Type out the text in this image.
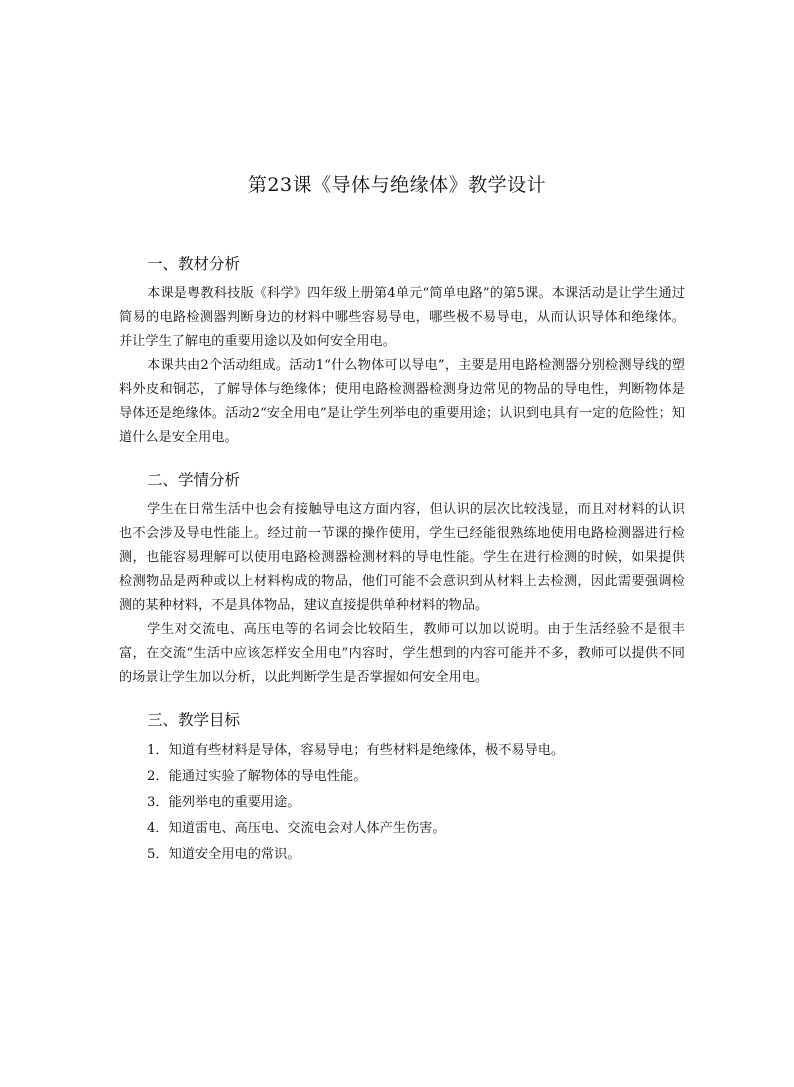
第23课《导体与绝缘体》教学设计
一、教材分析

本课是粤教科技版《科学》四年级上册第4单元“简单电路”的第5课。本课活动是让学生通过简易的电路检测器判断身边的材料中哪些容易导电，哪些极不易导电，从而认识导体和绝缘体。并让学生了解电的重要用途以及如何安全用电。

本课共由2个活动组成。活动1“什么物体可以导电”，主要是用电路检测器分别检测导线的塑料外皮和铜芯，了解导体与绝缘体；使用电路检测器检测身边常见的物品的导电性，判断物体是导体还是绝缘体。活动2“安全用电”是让学生列举电的重要用途；认识到电具有一定的危险性；知道什么是安全用电。

二、学情分析

学生在日常生活中也会有接触导电这方面内容，但认识的层次比较浅显，而且对材料的认识也不会涉及导电性能上。经过前一节课的操作使用，学生已经能很熟练地使用电路检测器进行检测，也能容易理解可以使用电路检测器检测材料的导电性能。学生在进行检测的时候，如果提供检测物品是两种或以上材料构成的物品，他们可能不会意识到从材料上去检测，因此需要强调检测的某种材料，不是具体物品，建议直接提供单种材料的物品。

学生对交流电、高压电等的名词会比较陌生，教师可以加以说明。由于生活经验不是很丰富，在交流“生活中应该怎样安全用电”内容时，学生想到的内容可能并不多，教师可以提供不同的场景让学生加以分析，以此判断学生是否掌握如何安全用电。

三、教学目标

1．知道有些材料是导体，容易导电；有些材料是绝缘体，极不易导电。

2．能通过实验了解物体的导电性能。

3．能列举电的重要用途。

4．知道雷电、高压电、交流电会对人体产生伤害。

5．知道安全用电的常识。
